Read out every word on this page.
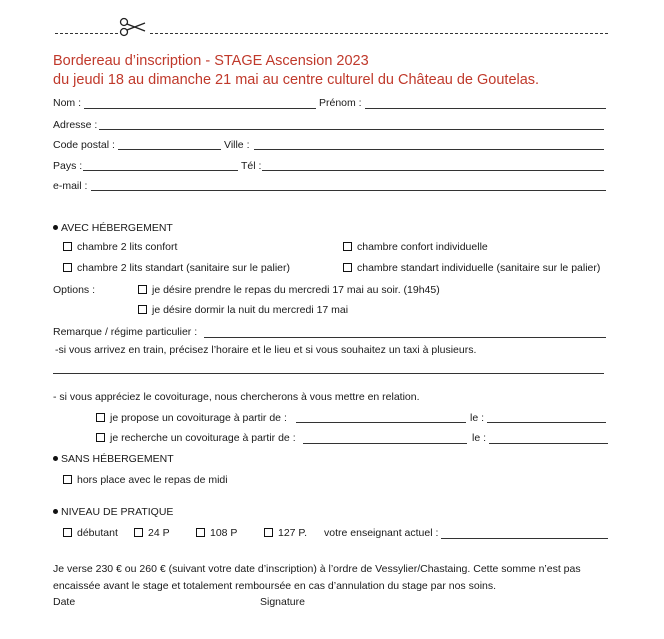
Bordereau d’inscription - STAGE Ascension 2023
du jeudi 18 au dimanche 21 mai au centre culturel du Château de Goutelas.
Nom :	Prénom :
Adresse :
Code postal :	Ville :
Pays :	Tél :
e-mail :
AVEC HÉBERGEMENT
chambre 2 lits confort	chambre confort individuelle
chambre 2 lits standart (sanitaire sur le palier)	chambre standart individuelle (sanitaire sur le palier)
Options :	je désire prendre le repas du mercredi 17 mai au soir. (19h45)
je désire dormir la nuit du mercredi 17 mai
Remarque / régime particulier :
-si vous arrivez en train, précisez l’horaire et le lieu et si vous souhaitez un taxi à plusieurs.
- si vous appréciez le covoiturage, nous chercherons à vous mettre en relation.
je propose un covoiturage à partir de :	le :
je recherche un covoiturage à partir de :	le :
SANS HÉBERGEMENT
hors place avec le repas de midi
NIVEAU DE PRATIQUE
débutant	24 P	108 P	127 P. votre enseignant actuel :
Je verse 230 € ou 260 € (suivant votre date d’inscription) à l’ordre de Vessylier/Chastaing. Cette somme n’est pas
encaissée avant le stage et totalement remboursée en cas d’annulation du stage par nos soins.
Date	Signature
